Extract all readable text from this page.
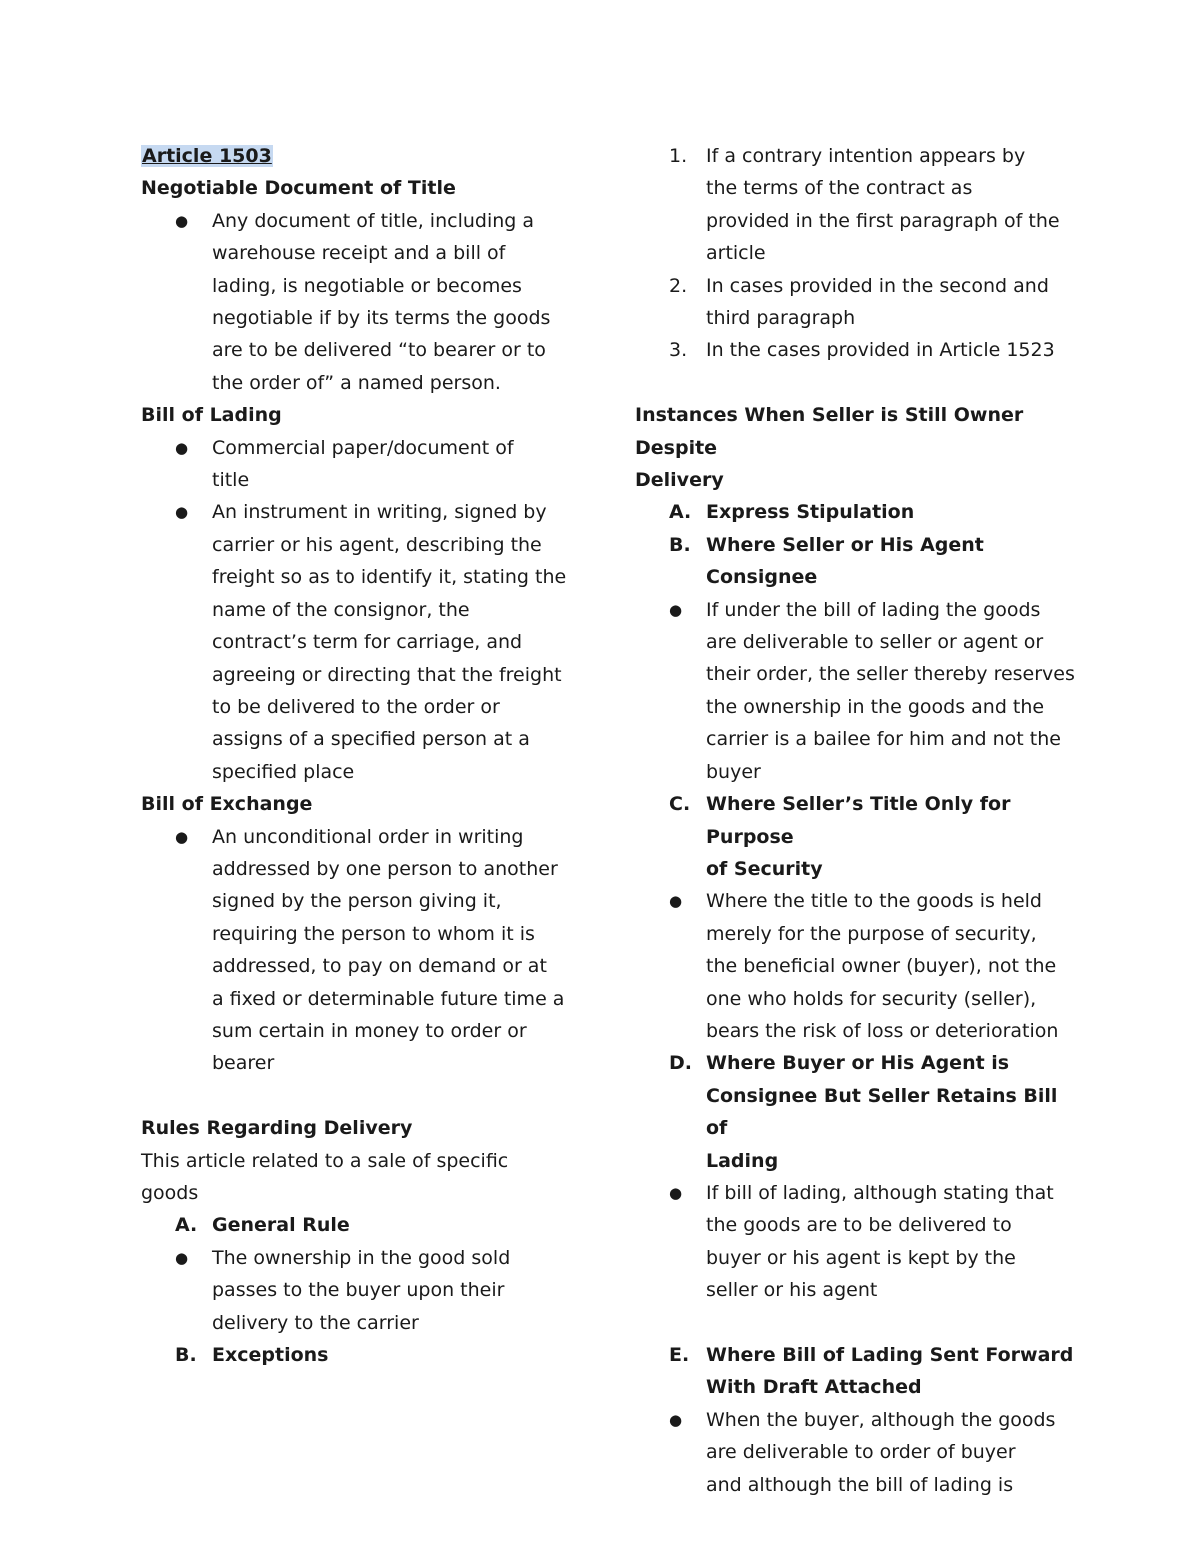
Article 1503
Negotiable Document of Title
●	Any document of title, including a
warehouse receipt and a bill of
lading, is negotiable or becomes
negotiable if by its terms the goods
are to be delivered “to bearer or to
the order of” a named person.
Bill of Lading
●	Commercial paper/document of
title
●	An instrument in writing, signed by
carrier or his agent, describing the
freight so as to identify it, stating the
name of the consignor, the
contract’s term for carriage, and
agreeing or directing that the freight
to be delivered to the order or
assigns of a specified person at a
specified place
Bill of Exchange
●	An unconditional order in writing
addressed by one person to another
signed by the person giving it,
requiring the person to whom it is
addressed, to pay on demand or at
a fixed or determinable future time a
sum certain in money to order or
bearer
Rules Regarding Delivery
This article related to a sale of specific
goods
A. General Rule
●	The ownership in the good sold
passes to the buyer upon their
delivery to the carrier
B. Exceptions
1. If a contrary intention appears by
the terms of the contract as
provided in the first paragraph of the
article
2. In cases provided in the second and
third paragraph
3. In the cases provided in Article 1523
Instances When Seller is Still Owner Despite
Delivery
A. Express Stipulation
B. Where Seller or His Agent Consignee
●	If under the bill of lading the goods
are deliverable to seller or agent or
their order, the seller thereby reserves
the ownership in the goods and the
carrier is a bailee for him and not the
buyer
C. Where Seller’s Title Only for Purpose
of Security
●	Where the title to the goods is held
merely for the purpose of security,
the beneficial owner (buyer), not the
one who holds for security (seller),
bears the risk of loss or deterioration
D. Where Buyer or His Agent is
Consignee But Seller Retains Bill of
Lading
●	If bill of lading, although stating that
the goods are to be delivered to
buyer or his agent is kept by the
seller or his agent
E. Where Bill of Lading Sent Forward
With Draft Attached
●	When the buyer, although the goods
are deliverable to order of buyer
and although the bill of lading is
